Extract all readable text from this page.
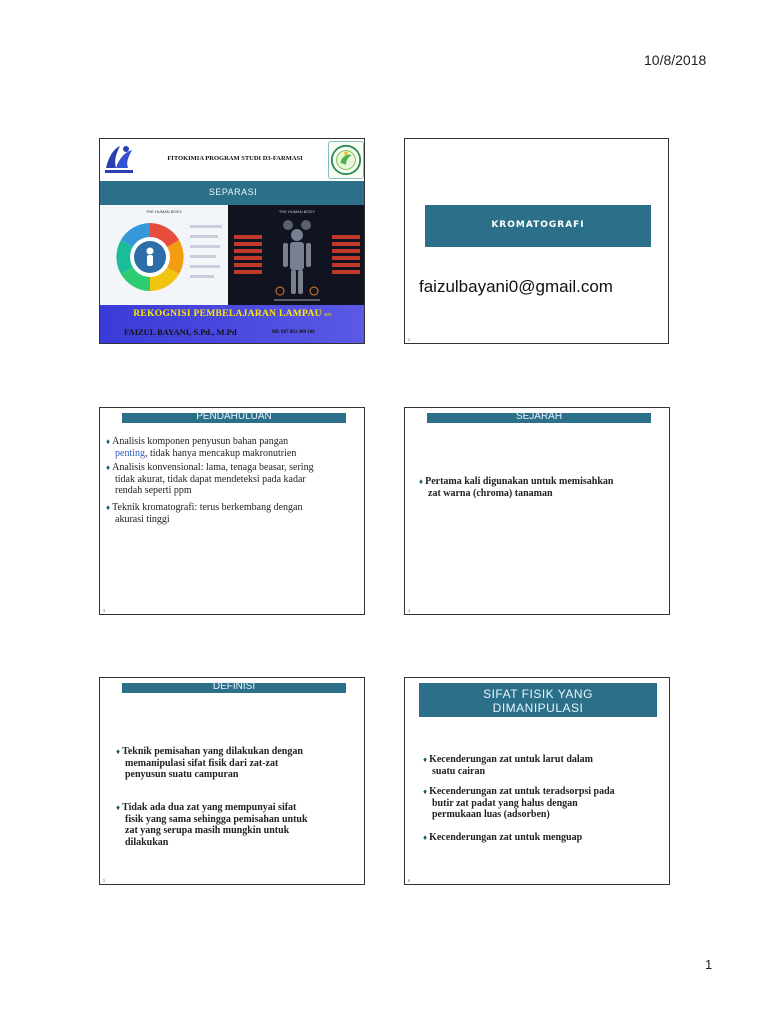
10/8/2018
FITOKIMIA PROGRAM STUDI D3-FARMASI
SEPARASI
THE HUMAN BODY	THE HUMAN BODY
REKOGNISI PEMBELAJARAN LAMPAU RPL
FAIZUL BAYANI, S.Pd., M.Pd	HP. 087 863 300 100
KROMATOGRAFI
faizulbayani0@gmail.com
2
PENDAHULUAN
♦ Analisis komponen penyusun bahan pangan
penting, tidak hanya mencakup makronutrien
♦ Analisis konvensional: lama, tenaga beasar, sering
tidak akurat, tidak dapat mendeteksi pada kadar
rendah seperti ppm
♦ Teknik kromatografi: terus berkembang dengan
akurasi tinggi
3
SEJARAH
♦ Pertama kali digunakan untuk memisahkan
zat warna (chroma) tanaman
4
DEFINISI
♦ Teknik pemisahan yang dilakukan dengan
memanipulasi sifat fisik dari zat-zat
penyusun suatu campuran
♦ Tidak ada dua zat yang mempunyai sifat
fisik yang sama sehingga pemisahan untuk
zat yang serupa masih mungkin untuk
dilakukan
5
SIFAT FISIK YANG
DIMANIPULASI
♦ Kecenderungan zat untuk larut dalam
suatu cairan
♦ Kecenderungan zat untuk teradsorpsi pada
butir zat padat yang halus dengan
permukaan luas (adsorben)
♦ Kecenderungan zat untuk menguap
6
1
